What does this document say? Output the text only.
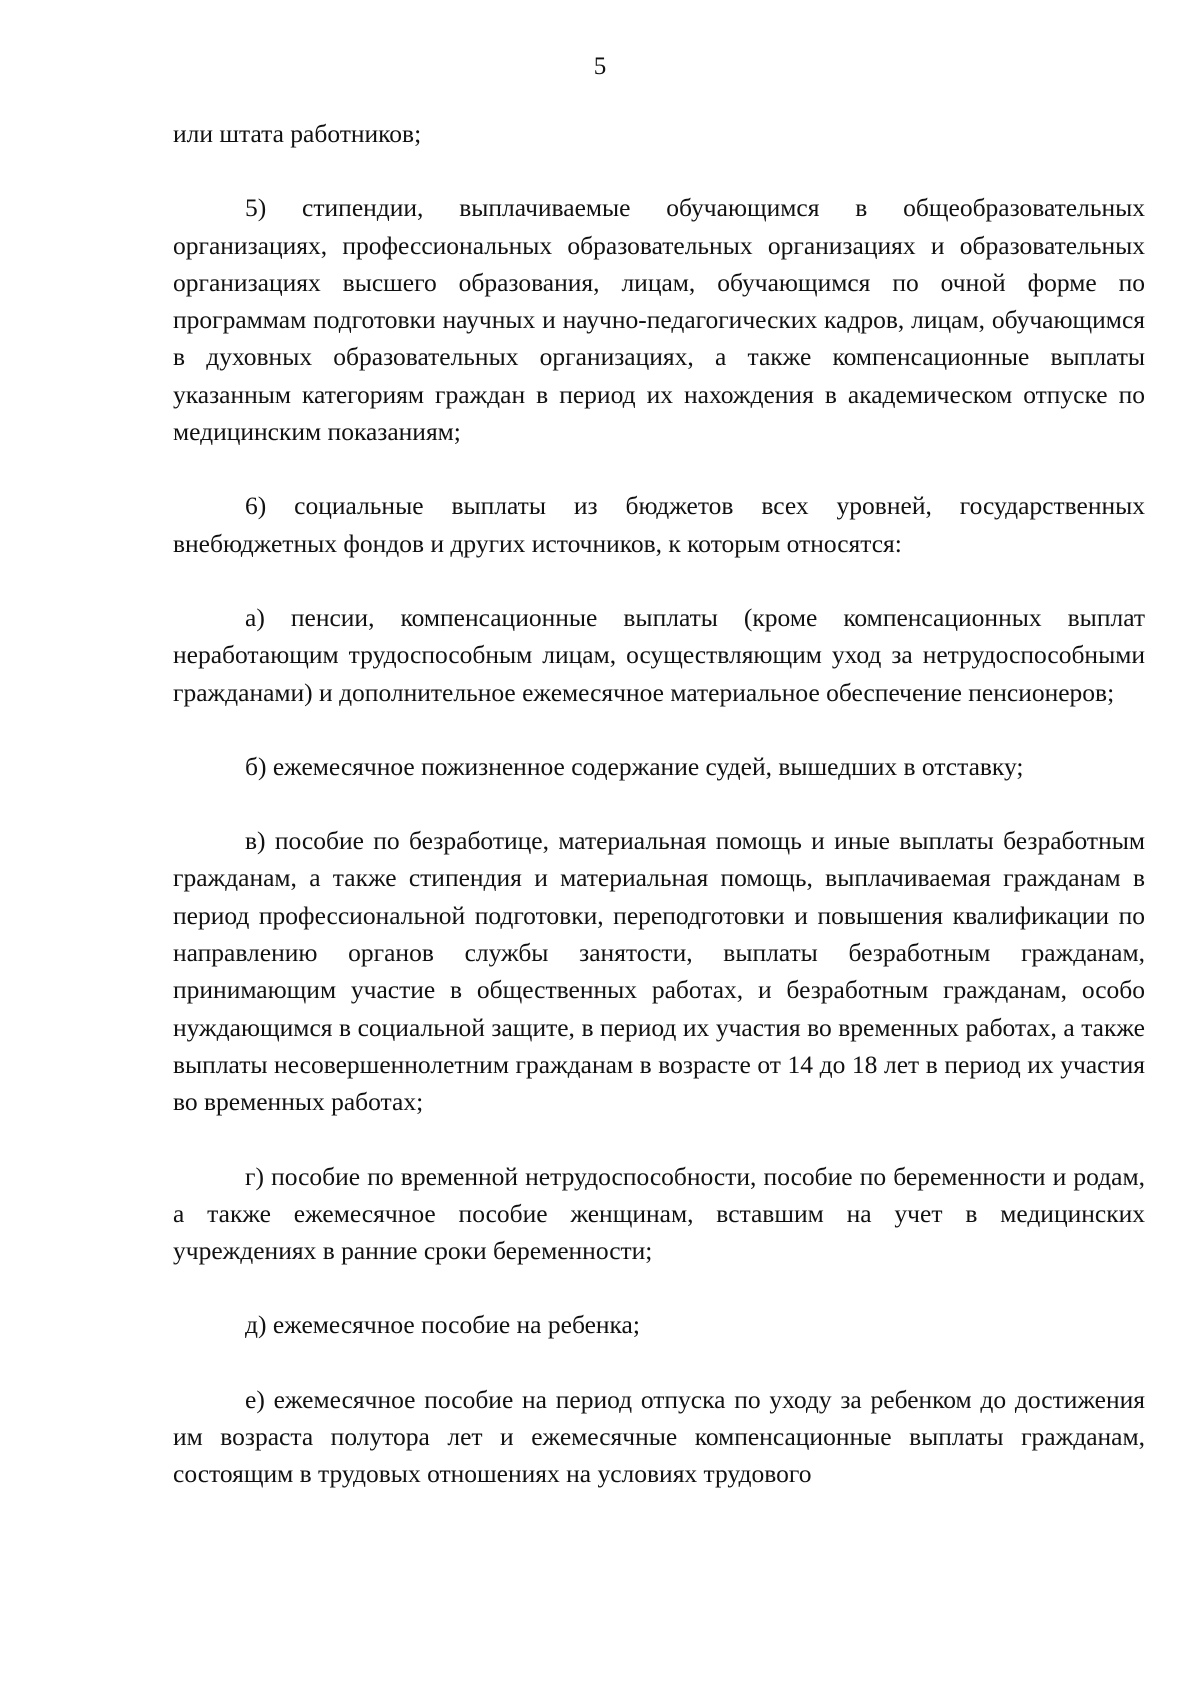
5

или штата работников;

5) стипендии, выплачиваемые обучающимся в общеобразовательных организациях, профессиональных образовательных организациях и образовательных организациях высшего образования, лицам, обучающимся по очной форме по программам подготовки научных и научно-педагогических кадров, лицам, обучающимся в духовных образовательных организациях, а также компенсационные выплаты указанным категориям граждан в период их нахождения в академическом отпуске по медицинским показаниям;

6) социальные выплаты из бюджетов всех уровней, государственных внебюджетных фондов и других источников, к которым относятся:

а) пенсии, компенсационные выплаты (кроме компенсационных выплат неработающим трудоспособным лицам, осуществляющим уход за нетрудоспособными гражданами) и дополнительное ежемесячное материальное обеспечение пенсионеров;

б) ежемесячное пожизненное содержание судей, вышедших в отставку;

в) пособие по безработице, материальная помощь и иные выплаты безработным гражданам, а также стипендия и материальная помощь, выплачиваемая гражданам в период профессиональной подготовки, переподготовки и повышения квалификации по направлению органов службы занятости, выплаты безработным гражданам, принимающим участие в общественных работах, и безработным гражданам, особо нуждающимся в социальной защите, в период их участия во временных работах, а также выплаты несовершеннолетним гражданам в возрасте от 14 до 18 лет в период их участия во временных работах;

г) пособие по временной нетрудоспособности, пособие по беременности и родам, а также ежемесячное пособие женщинам, вставшим на учет в медицинских учреждениях в ранние сроки беременности;

д) ежемесячное пособие на ребенка;

е) ежемесячное пособие на период отпуска по уходу за ребенком до достижения им возраста полутора лет и ежемесячные компенсационные выплаты гражданам, состоящим в трудовых отношениях на условиях трудового
